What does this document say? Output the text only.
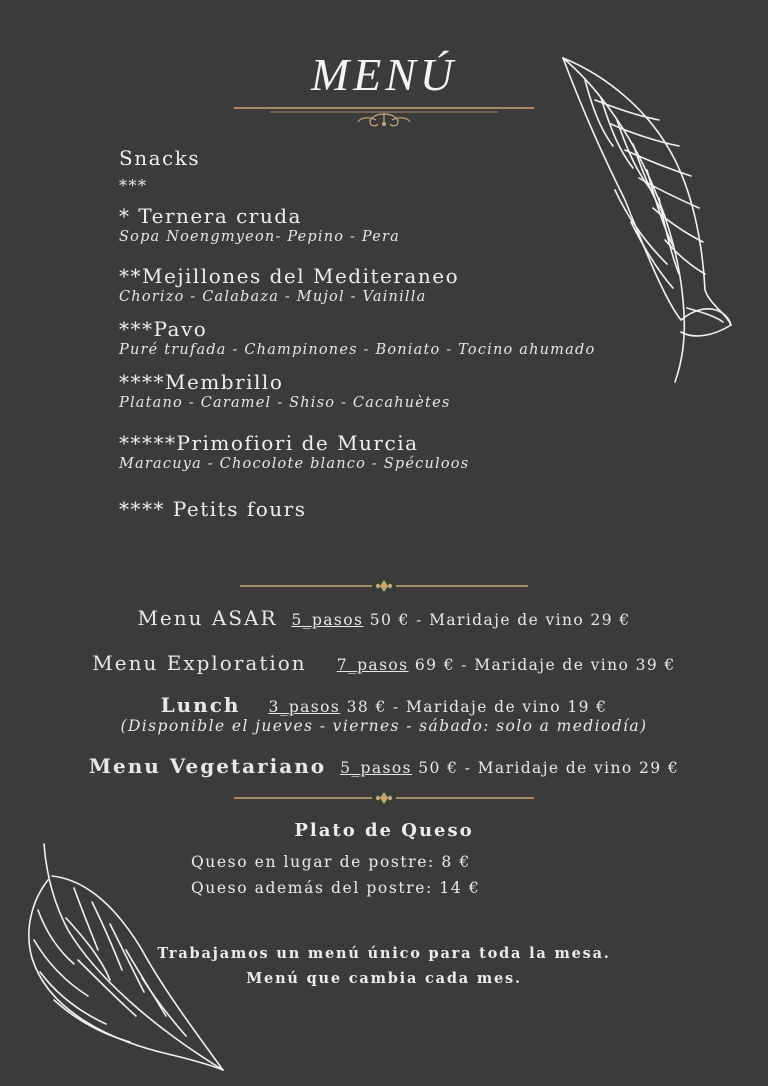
MENÚ
Snacks
***
* Ternera cruda
Sopa Noengmyeon- Pepino - Pera
**Mejillones del Mediteraneo
Chorizo - Calabaza - Mujol - Vainilla
***Pavo
Puré trufada - Champinones - Boniato - Tocino ahumado
****Membrillo
Platano - Caramel - Shiso - Cacahuètes
*****Primofiori de Murcia
Maracuya - Chocolote blanco - Spéculoos
**** Petits fours
Menu ASAR 5_pasos 50 € - Maridaje de vino 29 €
Menu Exploration 7_pasos 69 € - Maridaje de vino 39 €
Lunch 3_pasos 38 € - Maridaje de vino 19 €
(Disponible el jueves - viernes - sábado: solo a mediodía)
Menu Vegetariano 5_pasos 50 € - Maridaje de vino 29 €
Plato de Queso
Queso en lugar de postre: 8 €
Queso además del postre: 14 €
Trabajamos un menú único para toda la mesa.
Menú que cambia cada mes.
